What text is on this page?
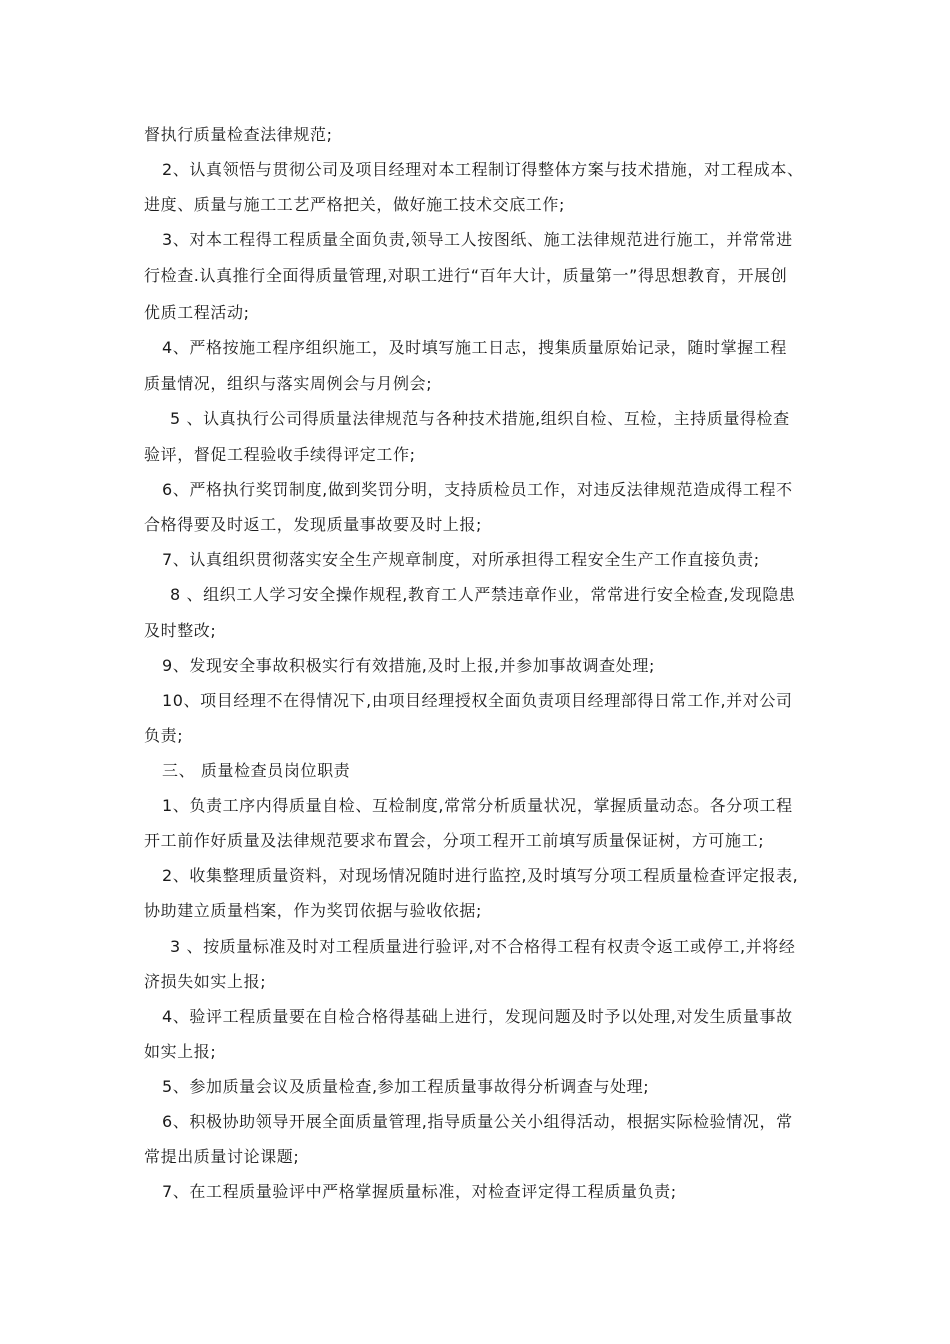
督执行质量检查法律规范;
2、认真领悟与贯彻公司及项目经理对本工程制订得整体方案与技术措施，对工程成本、
进度、质量与施工工艺严格把关，做好施工技术交底工作;
3、对本工程得工程质量全面负责,领导工人按图纸、施工法律规范进行施工，并常常进
行检查.认真推行全面得质量管理,对职工进行“百年大计，质量第一”得思想教育，开展创
优质工程活动;
4、严格按施工程序组织施工，及时填写施工日志，搜集质量原始记录，随时掌握工程
质量情况，组织与落实周例会与月例会;
5 、认真执行公司得质量法律规范与各种技术措施,组织自检、互检，主持质量得检查
验评，督促工程验收手续得评定工作;
6、严格执行奖罚制度,做到奖罚分明，支持质检员工作，对违反法律规范造成得工程不
合格得要及时返工，发现质量事故要及时上报;
7、认真组织贯彻落实安全生产规章制度，对所承担得工程安全生产工作直接负责;
8 、组织工人学习安全操作规程,教育工人严禁违章作业，常常进行安全检查,发现隐患
及时整改;
9、发现安全事故积极实行有效措施,及时上报,并参加事故调查处理;
10、项目经理不在得情况下,由项目经理授权全面负责项目经理部得日常工作,并对公司
负责;
三、 质量检查员岗位职责
1、负责工序内得质量自检、互检制度,常常分析质量状况，掌握质量动态。各分项工程
开工前作好质量及法律规范要求布置会，分项工程开工前填写质量保证树，方可施工;
2、收集整理质量资料，对现场情况随时进行监控,及时填写分项工程质量检查评定报表,
协助建立质量档案，作为奖罚依据与验收依据;
3 、按质量标准及时对工程质量进行验评,对不合格得工程有权责令返工或停工,并将经
济损失如实上报;
4、验评工程质量要在自检合格得基础上进行，发现问题及时予以处理,对发生质量事故
如实上报;
5、参加质量会议及质量检查,参加工程质量事故得分析调查与处理;
6、积极协助领导开展全面质量管理,指导质量公关小组得活动，根据实际检验情况，常
常提出质量讨论课题;
7、在工程质量验评中严格掌握质量标准，对检查评定得工程质量负责;
